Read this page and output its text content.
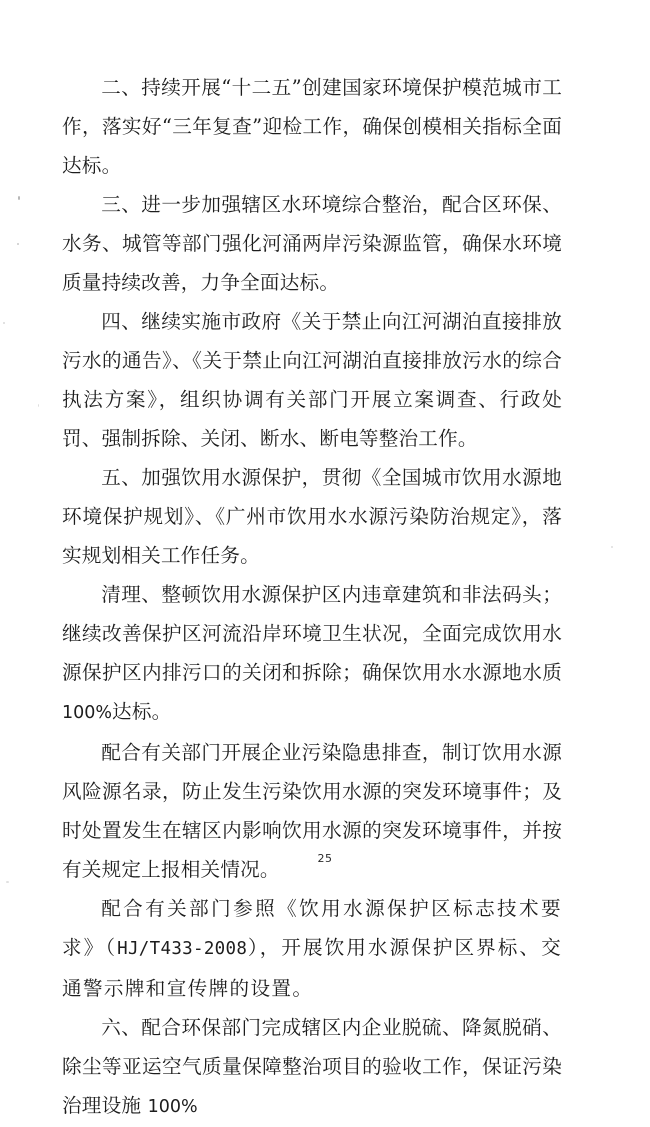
二、持续开展“十二五”创建国家环境保护模范城市工作，落实好“三年复查”迎检工作，确保创模相关指标全面达标。

三、进一步加强辖区水环境综合整治，配合区环保、水务、城管等部门强化河涌两岸污染源监管，确保水环境质量持续改善，力争全面达标。

四、继续实施市政府《关于禁止向江河湖泊直接排放污水的通告》、《关于禁止向江河湖泊直接排放污水的综合执法方案》，组织协调有关部门开展立案调查、行政处罚、强制拆除、关闭、断水、断电等整治工作。

五、加强饮用水源保护，贯彻《全国城市饮用水源地环境保护规划》、《广州市饮用水水源污染防治规定》，落实规划相关工作任务。

清理、整顿饮用水源保护区内违章建筑和非法码头；继续改善保护区河流沿岸环境卫生状况，全面完成饮用水源保护区内排污口的关闭和拆除；确保饮用水水源地水质 100%达标。

配合有关部门开展企业污染隐患排查，制订饮用水源风险源名录，防止发生污染饮用水源的突发环境事件；及时处置发生在辖区内影响饮用水源的突发环境事件，并按有关规定上报相关情况。

配合有关部门参照《饮用水源保护区标志技术要求》（HJ/T433-2008），开展饮用水源保护区界标、交通警示牌和宣传牌的设置。

六、配合环保部门完成辖区内企业脱硫、降氮脱硝、除尘等亚运空气质量保障整治项目的验收工作，保证污染治理设施 100%

25
